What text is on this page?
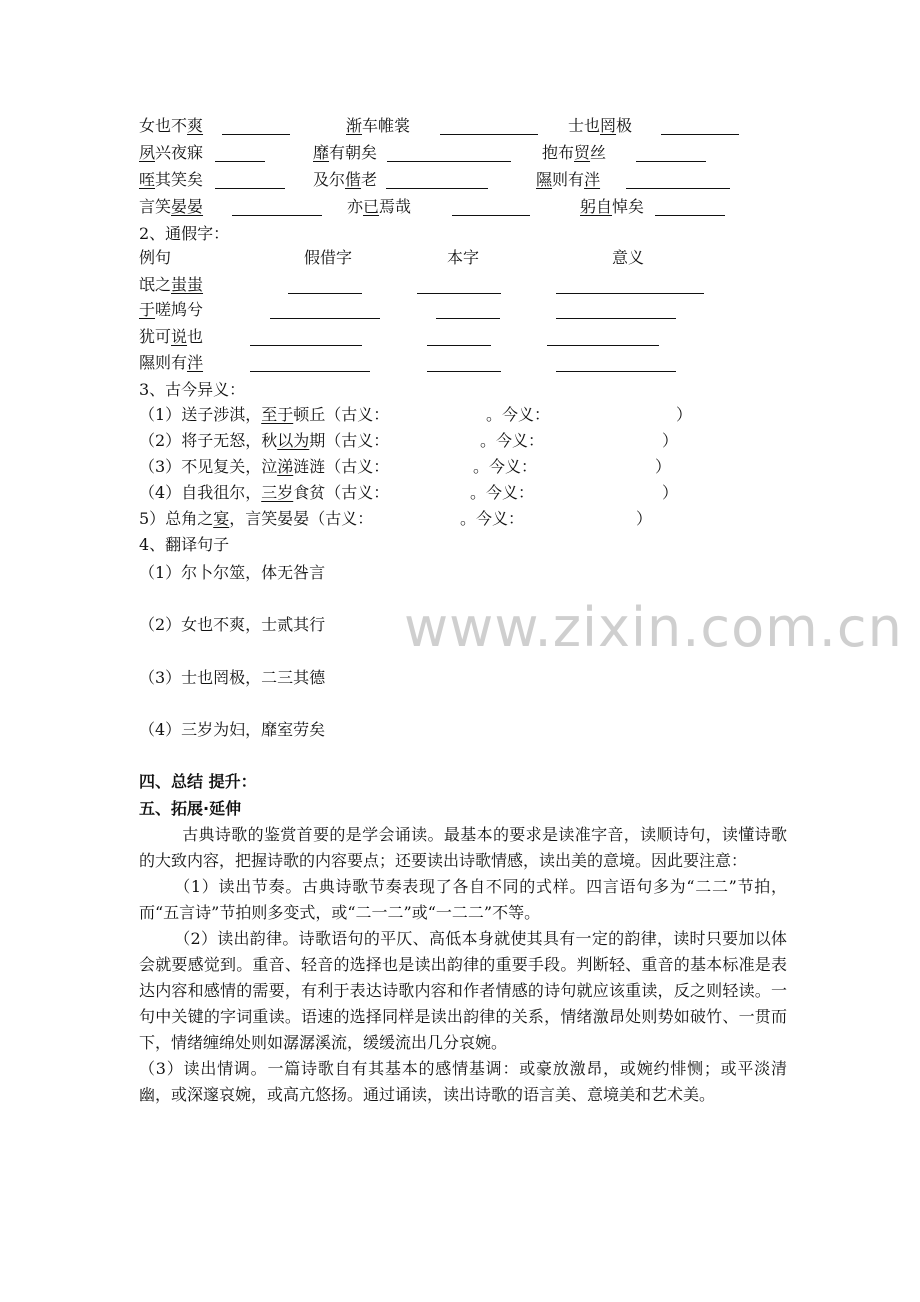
女也不爽	渐车帷裳	士也罔极
夙兴夜寐	靡有朝矣	抱布贸丝
咥其笑矣	及尔偕老	隰则有泮
言笑晏晏	亦已焉哉	躬自悼矣
2、通假字：
例句	假借字	本字	意义
氓之蚩蚩
于嗟鸠兮
犹可说也
隰则有泮
3、古今异义：
（1）送子涉淇，至于顿丘（古义：	。今义：	）
（2）将子无怒，秋以为期（古义：	。今义：	）
（3）不见复关，泣涕涟涟（古义：	。今义：	）
（4）自我徂尔，三岁食贫（古义：	。今义：	）
5）总角之宴，言笑晏晏（古义：	。今义：	）
4、翻译句子
（1）尔卜尔筮，体无咎言
（2）女也不爽，士贰其行
（3）士也罔极，二三其德
（4）三岁为妇，靡室劳矣
四、总结 提升：
五、拓展·延伸

古典诗歌的鉴赏首要的是学会诵读。最基本的要求是读准字音，读顺诗句，读懂诗歌的大致内容，把握诗歌的内容要点；还要读出诗歌情感，读出美的意境。因此要注意：

（1）读出节奏。古典诗歌节奏表现了各自不同的式样。四言语句多为“二二”节拍，而“五言诗”节拍则多变式，或“二一二”或“一二二”不等。

（2）读出韵律。诗歌语句的平仄、高低本身就使其具有一定的韵律，读时只要加以体会就要感觉到。重音、轻音的选择也是读出韵律的重要手段。判断轻、重音的基本标准是表达内容和感情的需要，有利于表达诗歌内容和作者情感的诗句就应该重读，反之则轻读。一句中关键的字词重读。语速的选择同样是读出韵律的关系，情绪激昂处则势如破竹、一贯而下，情绪缠绵处则如潺潺溪流，缓缓流出几分哀婉。

（3）读出情调。一篇诗歌自有其基本的感情基调：或豪放激昂，或婉约悱恻；或平淡清幽，或深邃哀婉，或高亢悠扬。通过诵读，读出诗歌的语言美、意境美和艺术美。

www.zixin.com.cn
